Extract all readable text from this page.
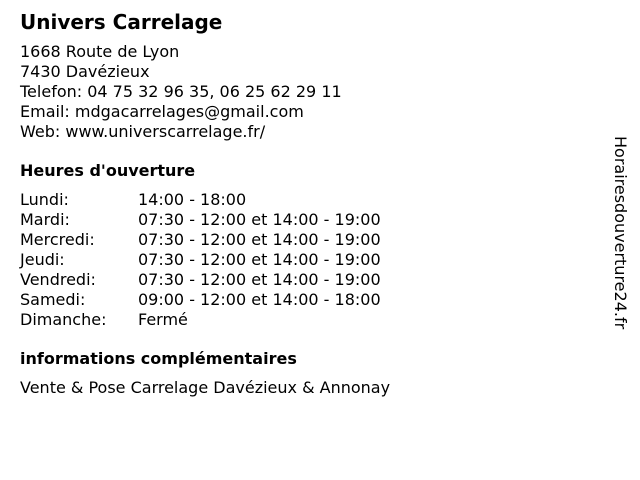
Univers Carrelage
1668 Route de Lyon
7430 Davézieux
Telefon: 04 75 32 96 35, 06 25 62 29 11
Email: mdgacarrelages@gmail.com
Web: www.universcarrelage.fr/
Heures d'ouverture
Lundi:	14:00 - 18:00
Mardi:	07:30 - 12:00 et 14:00 - 19:00
Mercredi:	07:30 - 12:00 et 14:00 - 19:00
Jeudi:	07:30 - 12:00 et 14:00 - 19:00
Vendredi:	07:30 - 12:00 et 14:00 - 19:00
Samedi:	09:00 - 12:00 et 14:00 - 18:00
Dimanche:	Fermé
informations complémentaires
Vente & Pose Carrelage Davézieux & Annonay
Horairesdouverture24.fr
